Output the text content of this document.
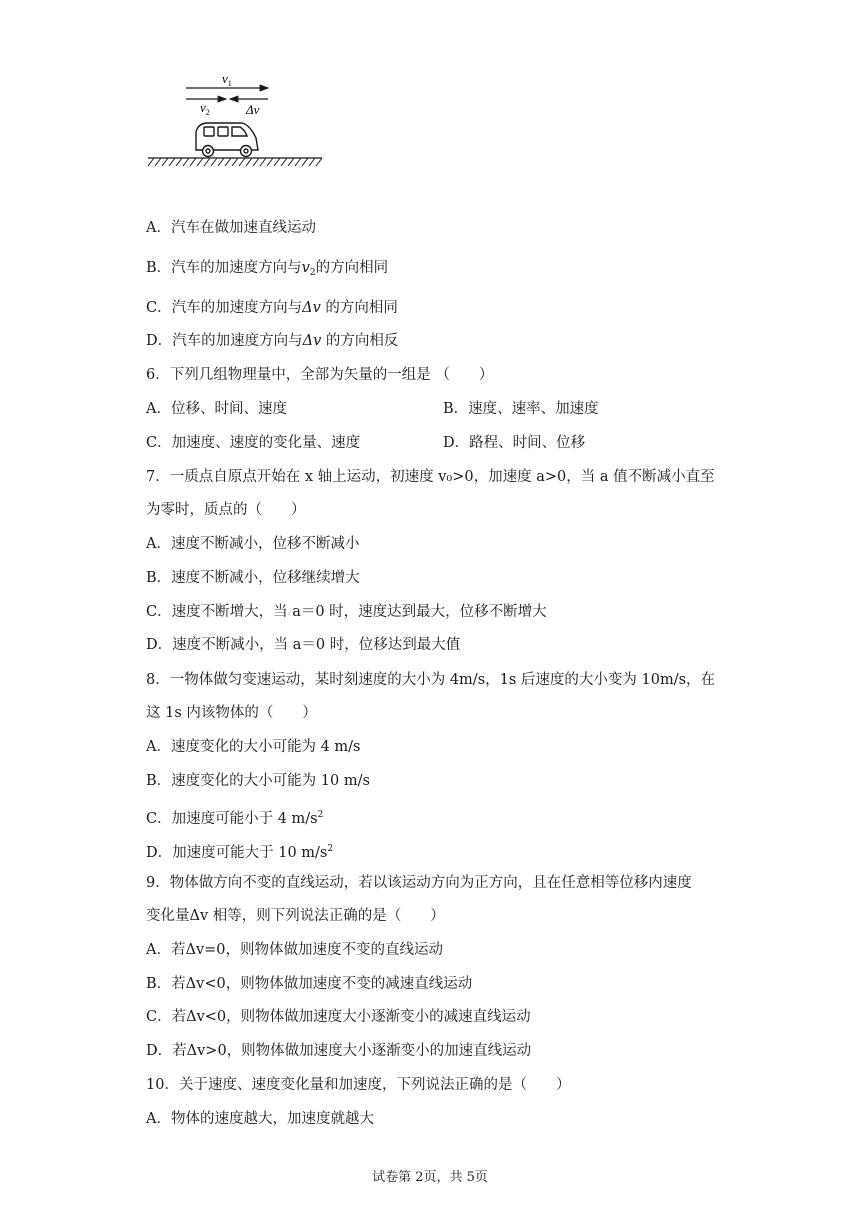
$v_1$
$v_2$	Δv
A．汽车在做加速直线运动
B．汽车的加速度方向与$v_2$的方向相同
C．汽车的加速度方向与Δv 的方向相同
D．汽车的加速度方向与Δv 的方向相反
6．下列几组物理量中，全部为矢量的一组是 （　　）
A．位移、时间、速度	B．速度、速率、加速度
C．加速度、速度的变化量、速度	D．路程、时间、位移
7．一质点自原点开始在 x 轴上运动，初速度 v₀>0，加速度 a>0，当 a 值不断减小直至
为零时，质点的（　　）
A．速度不断减小，位移不断减小
B．速度不断减小，位移继续增大
C．速度不断增大，当 a＝0 时，速度达到最大，位移不断增大
D．速度不断减小，当 a＝0 时，位移达到最大值
8．一物体做匀变速运动，某时刻速度的大小为 4m/s，1s 后速度的大小变为 10m/s，在
这 1s 内该物体的（　　）
A．速度变化的大小可能为 4 m/s
B．速度变化的大小可能为 10 m/s
C．加速度可能小于 4 $m/s^2$
D．加速度可能大于 10 $m/s^2$
9．物体做方向不变的直线运动，若以该运动方向为正方向，且在任意相等位移内速度
变化量Δv 相等，则下列说法正确的是（　　）
A．若Δv=0，则物体做加速度不变的直线运动
B．若Δv<0，则物体做加速度不变的减速直线运动
C．若Δv<0，则物体做加速度大小逐渐变小的减速直线运动
D．若Δv>0，则物体做加速度大小逐渐变小的加速直线运动
10．关于速度、速度变化量和加速度，下列说法正确的是（　　）
A．物体的速度越大，加速度就越大
试卷第 2页，共 5页
